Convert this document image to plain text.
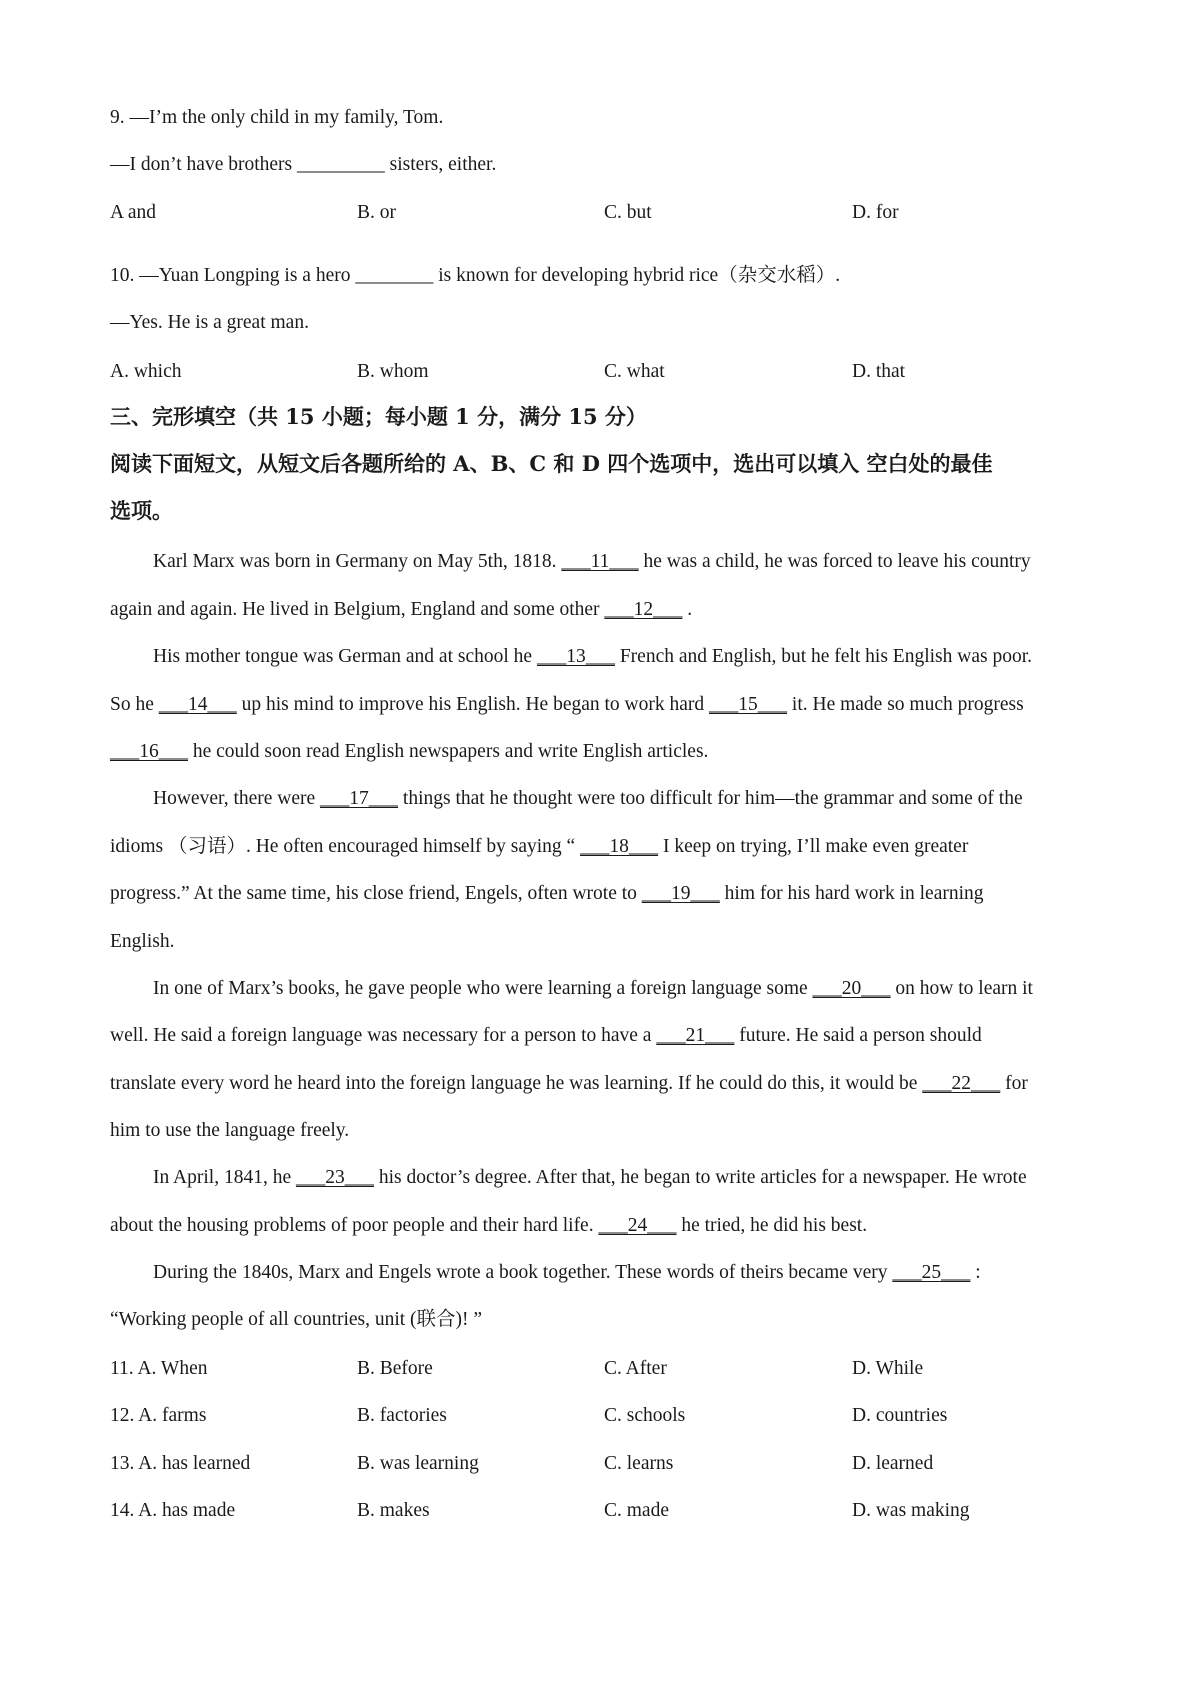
9. —I’m the only child in my family, Tom.
—I don’t have brothers _________ sisters, either.
A and	B. or	C. but	D. for
10. —Yuan Longping is a hero ________ is known for developing hybrid rice（杂交水稻）.
—Yes. He is a great man.
A. which	B. whom	C. what	D. that
三、完形填空（共 15 小题；每小题 1 分，满分 15 分）
阅读下面短文，从短文后各题所给的 A、B、C 和 D 四个选项中，选出可以填入 空白处的最佳
选项。
Karl Marx was born in Germany on May 5th, 1818. ___11___ he was a child, he was forced to leave his country
again and again. He lived in Belgium, England and some other ___12___ .
His mother tongue was German and at school he ___13___ French and English, but he felt his English was poor.
So he ___14___ up his mind to improve his English. He began to work hard ___15___ it. He made so much progress
___16___ he could soon read English newspapers and write English articles.
However, there were ___17___ things that he thought were too difficult for him—the grammar and some of the
idioms （习语）. He often encouraged himself by saying “ ___18___ I keep on trying, I’ll make even greater
progress.” At the same time, his close friend, Engels, often wrote to ___19___ him for his hard work in learning
English.
In one of Marx’s books, he gave people who were learning a foreign language some ___20___ on how to learn it
well. He said a foreign language was necessary for a person to have a ___21___ future. He said a person should
translate every word he heard into the foreign language he was learning. If he could do this, it would be ___22___ for
him to use the language freely.
In April, 1841, he ___23___ his doctor’s degree. After that, he began to write articles for a newspaper. He wrote
about the housing problems of poor people and their hard life. ___24___ he tried, he did his best.
During the 1840s, Marx and Engels wrote a book together. These words of theirs became very ___25___ :
“Working people of all countries, unit (联合)! ”
11. A. When	B. Before	C. After	D. While
12. A. farms	B. factories	C. schools	D. countries
13. A. has learned	B. was learning	C. learns	D. learned
14. A. has made	B. makes	C. made	D. was making
